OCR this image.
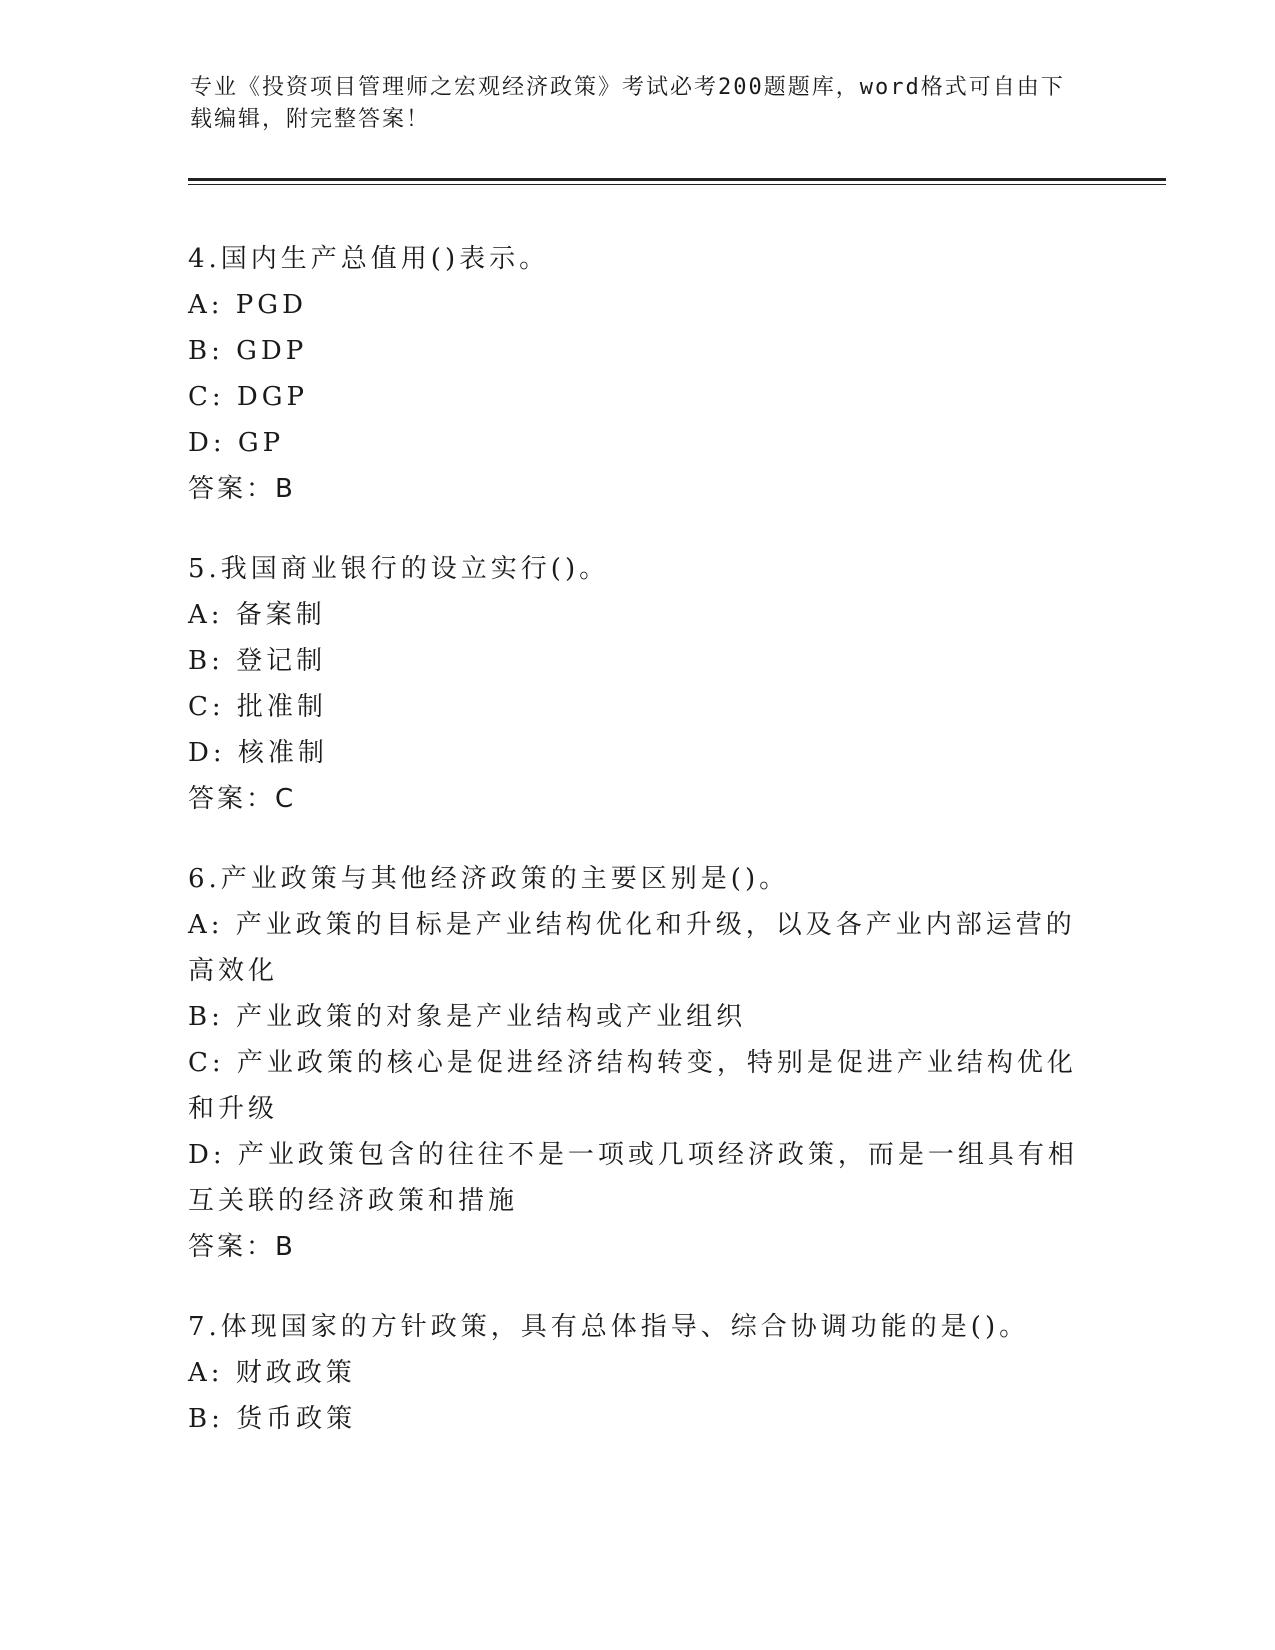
专业《投资项目管理师之宏观经济政策》考试必考200题题库，word格式可自由下载编辑，附完整答案！

4.国内生产总值用()表示。

A: PGD

B: GDP

C: DGP

D: GP

答案：B

5.我国商业银行的设立实行()。

A: 备案制

B: 登记制

C: 批准制

D: 核准制

答案：C

6.产业政策与其他经济政策的主要区别是()。

A: 产业政策的目标是产业结构优化和升级，以及各产业内部运营的高效化

B: 产业政策的对象是产业结构或产业组织

C: 产业政策的核心是促进经济结构转变，特别是促进产业结构优化和升级

D: 产业政策包含的往往不是一项或几项经济政策，而是一组具有相互关联的经济政策和措施

答案：B

7.体现国家的方针政策，具有总体指导、综合协调功能的是()。

A: 财政政策

B: 货币政策
